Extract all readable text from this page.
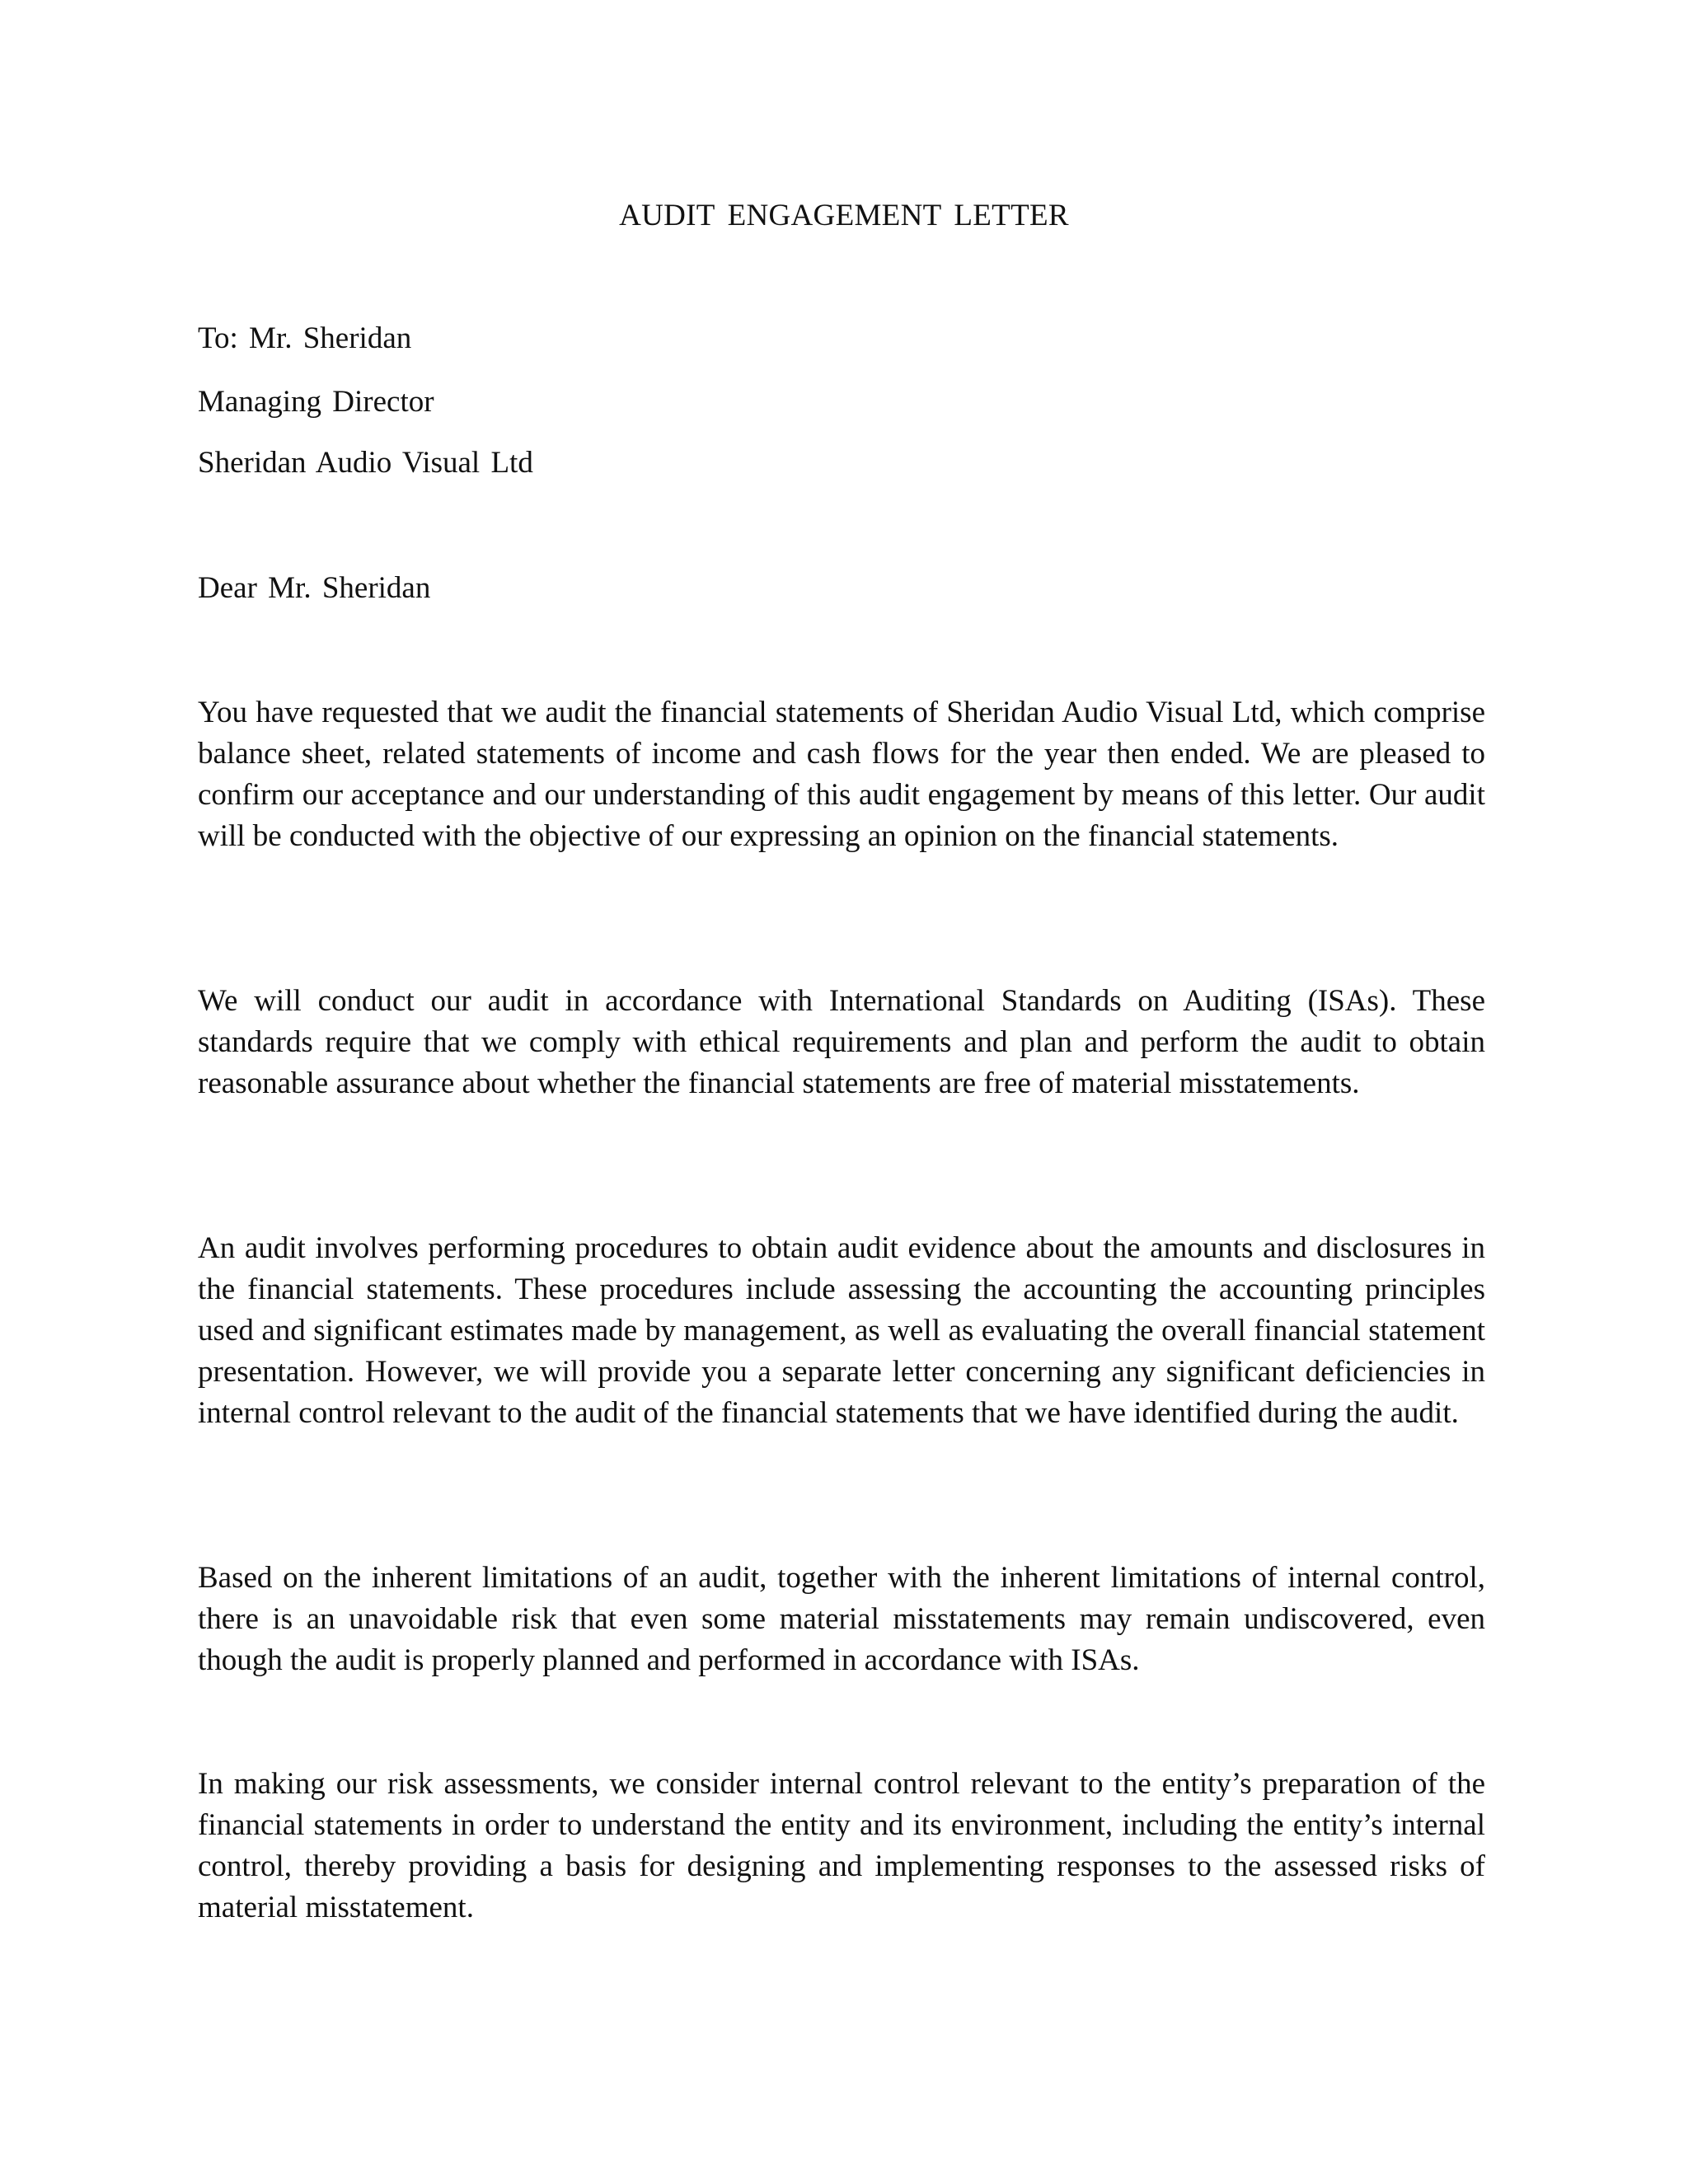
AUDIT ENGAGEMENT LETTER
To: Mr. Sheridan
Managing Director
Sheridan Audio Visual Ltd
Dear Mr. Sheridan

You have requested that we audit the financial statements of Sheridan Audio Visual Ltd, which comprise balance sheet, related statements of income and cash flows for the year then ended. We are pleased to confirm our acceptance and our understanding of this audit engagement by means of this letter. Our audit will be conducted with the objective of our expressing an opinion on the financial statements.

We will conduct our audit in accordance with International Standards on Auditing (ISAs). These standards require that we comply with ethical requirements and plan and perform the audit to obtain reasonable assurance about whether the financial statements are free of material misstatements.

An audit involves performing procedures to obtain audit evidence about the amounts and disclosures in the financial statements. These procedures include assessing the accounting the accounting principles used and significant estimates made by management, as well as evaluating the overall financial statement presentation. However, we will provide you a separate letter concerning any significant deficiencies in internal control relevant to the audit of the financial statements that we have identified during the audit.

Based on the inherent limitations of an audit, together with the inherent limitations of internal control, there is an unavoidable risk that even some material misstatements may remain undiscovered, even though the audit is properly planned and performed in accordance with ISAs.

In making our risk assessments, we consider internal control relevant to the entity’s preparation of the financial statements in order to understand the entity and its environment, including the entity’s internal control, thereby providing a basis for designing and implementing responses to the assessed risks of material misstatement.
